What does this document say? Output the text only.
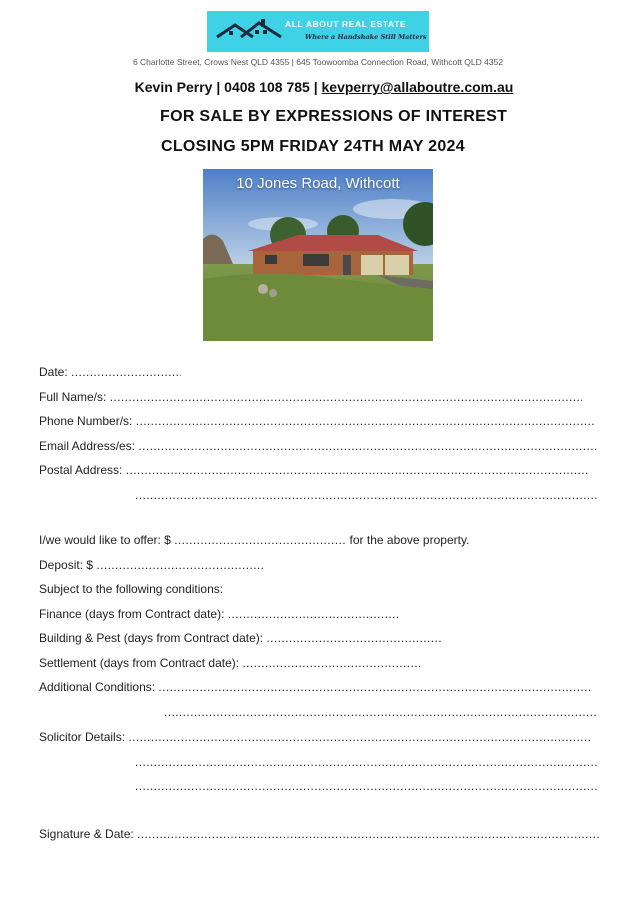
ALL ABOUT REAL ESTATE
Where a Handshake Still Matters
6 Charlotte Street, Crows Nest QLD 4355 | 645 Toowoomba Connection Road, Withcott QLD 4352
Kevin Perry | 0408 108 785 | kevperry@allaboutre.com.au
FOR SALE BY EXPRESSIONS OF INTEREST
CLOSING 5PM FRIDAY 24TH MAY 2024
10 Jones Road, Withcott
Date: .....
Full Name/s: .....
Phone Number/s: .....
Email Address/es: .....
Postal Address: .....
.....
I/we would like to offer: $ .....	for the above property.
Deposit: $ .....
Subject to the following conditions:
Finance (days from Contract date): .....
Building & Pest (days from Contract date): .....
Settlement (days from Contract date): .....
Additional Conditions: .....
.....
Solicitor Details: .....
.....
.....
Signature & Date: .....
